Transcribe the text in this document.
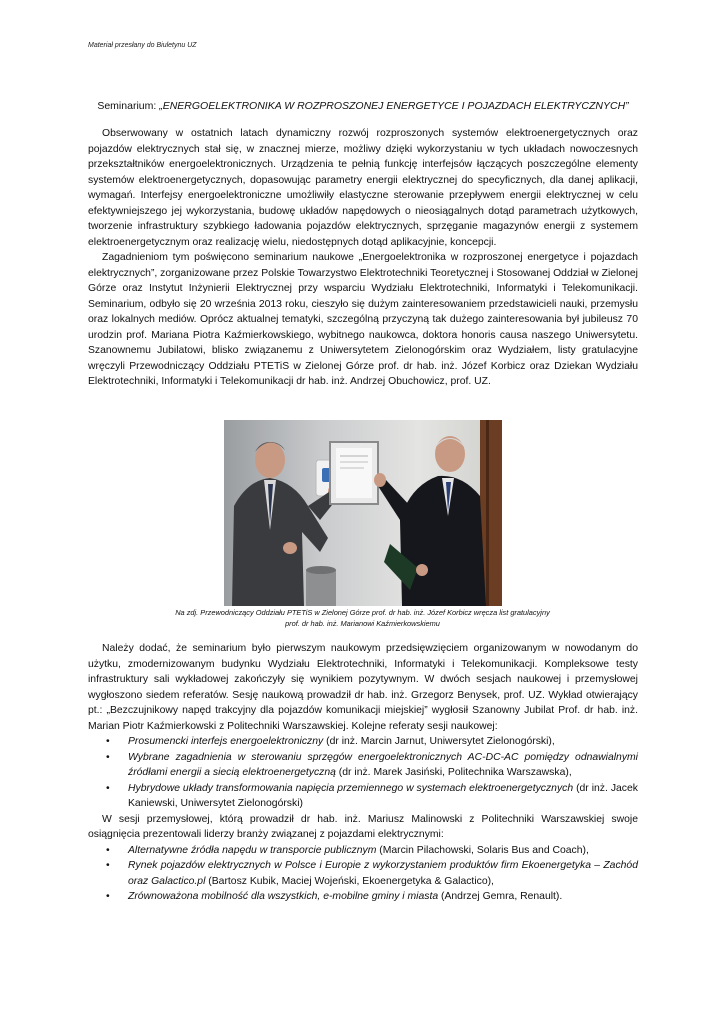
Materiał przesłany do Biuletynu UZ
Seminarium: „ENERGOELEKTRONIKA W ROZPROSZONEJ ENERGETYCE I POJAZDACH ELEKTRYCZNYCH”

Obserwowany w ostatnich latach dynamiczny rozwój rozproszonych systemów elektroenergetycznych oraz pojazdów elektrycznych stał się, w znacznej mierze, możliwy dzięki wykorzystaniu w tych układach nowoczesnych przekształtników energoelektronicznych. Urządzenia te pełnią funkcję interfejsów łączących poszczególne elementy systemów elektroenergetycznych, dopasowując parametry energii elektrycznej do specyficznych, dla danej aplikacji, wymagań. Interfejsy energoelektroniczne umożliwiły elastyczne sterowanie przepływem energii elektrycznej w celu efektywniejszego jej wykorzystania, budowę układów napędowych o nieosiągalnych dotąd parametrach użytkowych, tworzenie infrastruktury szybkiego ładowania pojazdów elektrycznych, sprzęganie magazynów energii z systemem elektroenergetycznym oraz realizację wielu, niedostępnych dotąd aplikacyjnie, koncepcji.

Zagadnieniom tym poświęcono seminarium naukowe „Energoelektronika w rozproszonej energetyce i pojazdach elektrycznych”, zorganizowane przez Polskie Towarzystwo Elektrotechniki Teoretycznej i Stosowanej Oddział w Zielonej Górze oraz Instytut Inżynierii Elektrycznej przy wsparciu Wydziału Elektrotechniki, Informatyki i Telekomunikacji. Seminarium, odbyło się 20 września 2013 roku, cieszyło się dużym zainteresowaniem przedstawicieli nauki, przemysłu oraz lokalnych mediów. Oprócz aktualnej tematyki, szczególną przyczyną tak dużego zainteresowania był jubileusz 70 urodzin prof. Mariana Piotra Kaźmierkowskiego, wybitnego naukowca, doktora honoris causa naszego Uniwersytetu. Szanownemu Jubilatowi, blisko związanemu z Uniwersytetem Zielonogórskim oraz Wydziałem, listy gratulacyjne wręczyli Przewodniczący Oddziału PTETiS w Zielonej Górze prof. dr hab. inż. Józef Korbicz oraz Dziekan Wydziału Elektrotechniki, Informatyki i Telekomunikacji dr hab. inż. Andrzej Obuchowicz, prof. UZ.

Na zdj. Przewodniczący Oddziału PTETiS w Zielonej Górze prof. dr hab. inż. Józef Korbicz wręcza list gratulacyjny
prof. dr hab. inż. Marianowi Kaźmierkowskiemu

Należy dodać, że seminarium było pierwszym naukowym przedsięwzięciem organizowanym w nowodanym do użytku, zmodernizowanym budynku Wydziału Elektrotechniki, Informatyki i Telekomunikacji. Kompleksowe testy infrastruktury sali wykładowej zakończyły się wynikiem pozytywnym. W dwóch sesjach naukowej i przemysłowej wygłoszono siedem referatów. Sesję naukową prowadził dr hab. inż. Grzegorz Benysek, prof. UZ. Wykład otwierający pt.: „Bezczujnikowy napęd trakcyjny dla pojazdów komunikacji miejskiej” wygłosił Szanowny Jubilat Prof. dr hab. inż. Marian Piotr Kaźmierkowski z Politechniki Warszawskiej. Kolejne referaty sesji naukowej:

• Prosumencki interfejs energoelektroniczny (dr inż. Marcin Jarnut, Uniwersytet Zielonogórski),
• Wybrane zagadnienia w sterowaniu sprzęgów energoelektronicznych AC-DC-AC pomiędzy odnawialnymi źródłami energii a siecią elektroenergetyczną (dr inż. Marek Jasiński, Politechnika Warszawska),
• Hybrydowe układy transformowania napięcia przemiennego w systemach elektroenergetycznych (dr inż. Jacek Kaniewski, Uniwersytet Zielonogórski)

W sesji przemysłowej, którą prowadził dr hab. inż. Mariusz Malinowski z Politechniki Warszawskiej swoje osiągnięcia prezentowali liderzy branży związanej z pojazdami elektrycznymi:

• Alternatywne źródła napędu w transporcie publicznym (Marcin Pilachowski, Solaris Bus and Coach),
• Rynek pojazdów elektrycznych w Polsce i Europie z wykorzystaniem produktów firm Ekoenergetyka – Zachód oraz Galactico.pl (Bartosz Kubik, Maciej Wojeński, Ekoenergetyka & Galactico),
• Zrównoważona mobilność dla wszystkich, e-mobilne gminy i miasta (Andrzej Gemra, Renault).
